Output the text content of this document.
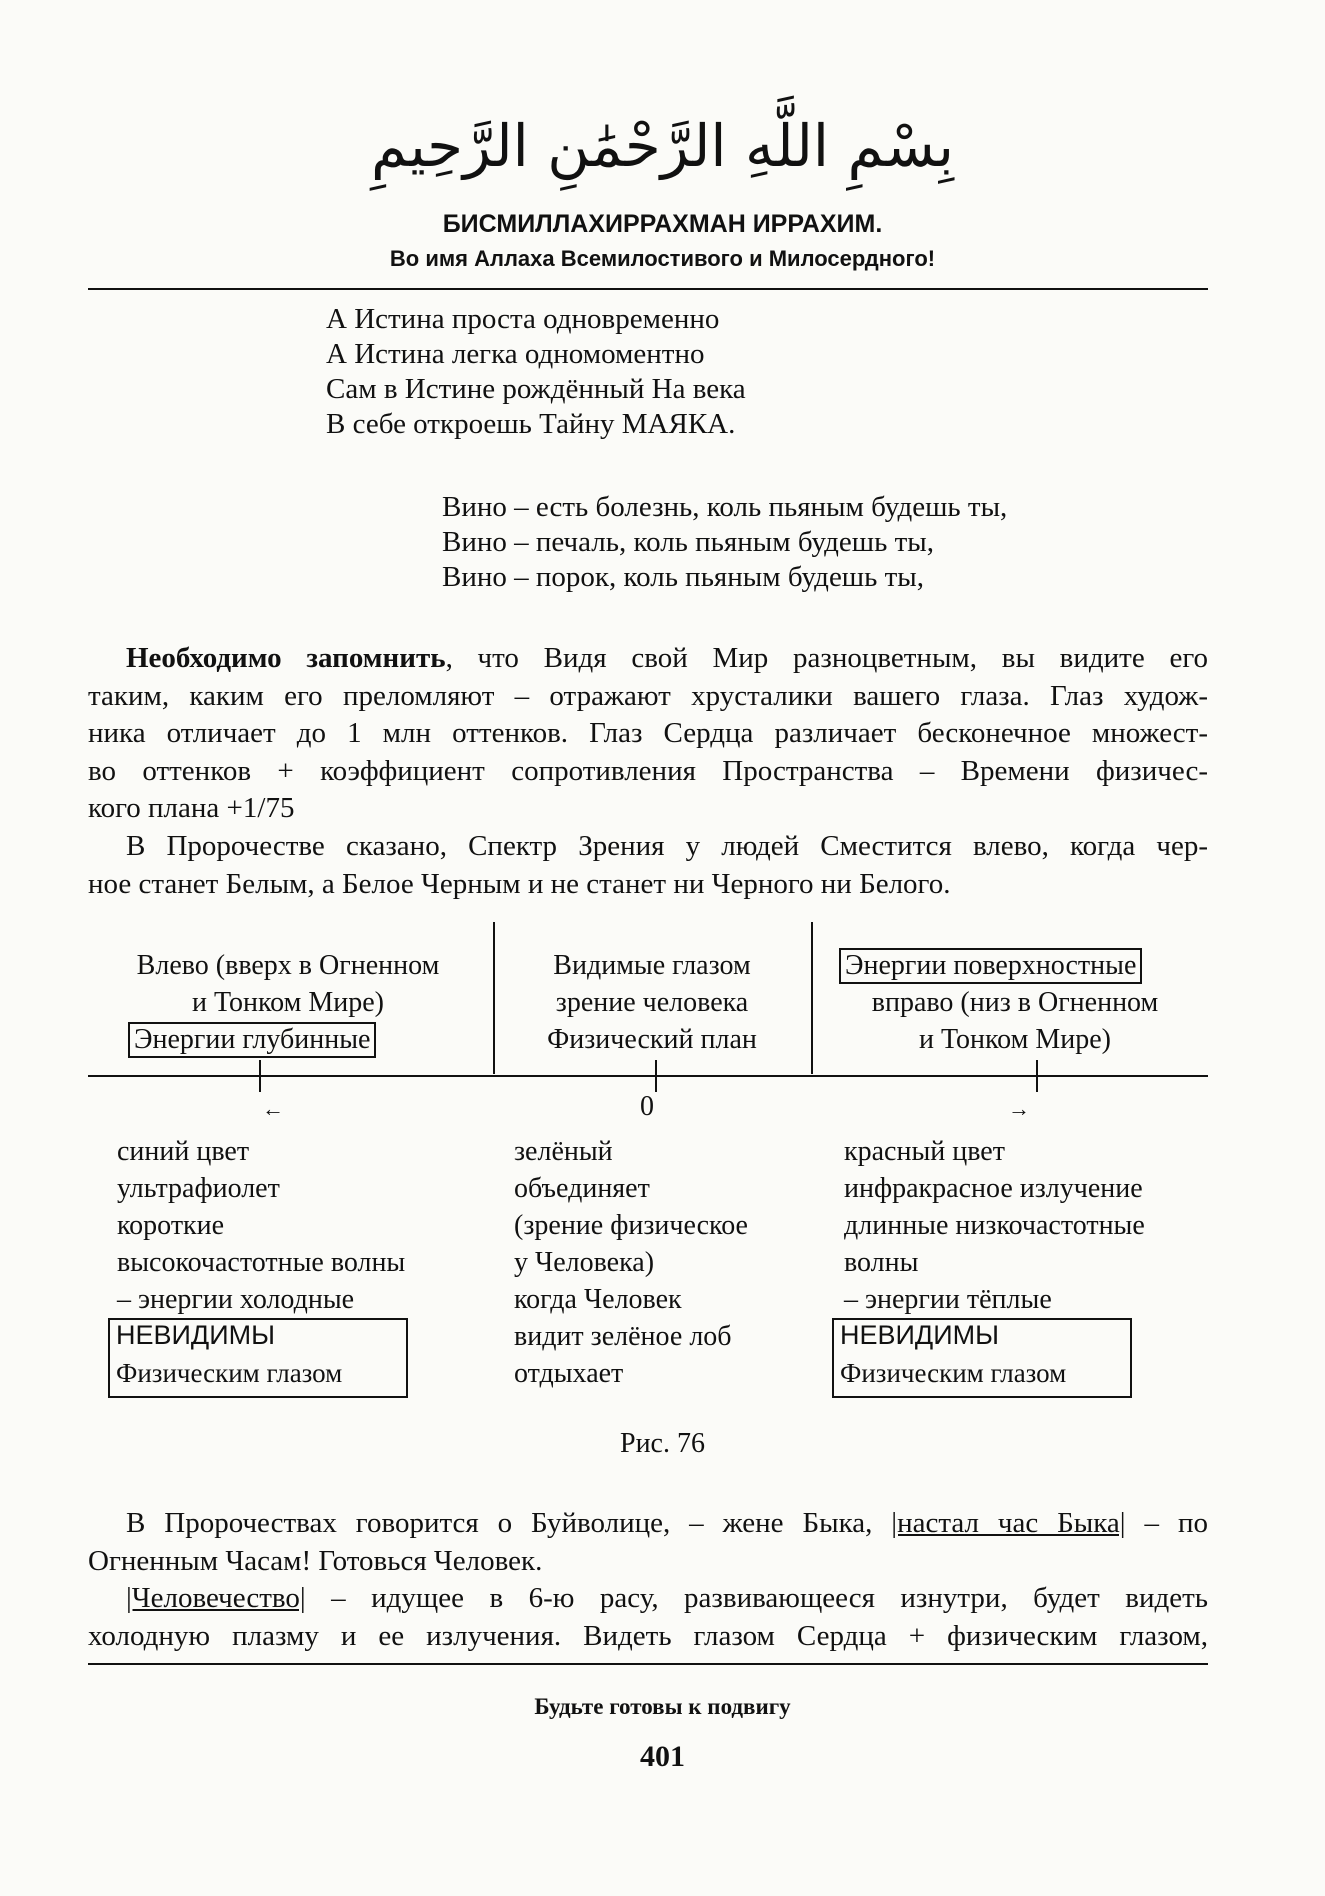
بِسْمِ اللَّهِ الرَّحْمَٰنِ الرَّحِيمِ
БИСМИЛЛАХИРРАХМАН ИРРАХИМ.
Во имя Аллаха Всемилостивого и Милосердного!
А Истина проста одновременно
А Истина легка одномоментно
Сам в Истине рождённый На века
В себе откроешь Тайну МАЯКА.
Вино – есть болезнь, коль пьяным будешь ты,
Вино – печаль, коль пьяным будешь ты,
Вино – порок, коль пьяным будешь ты,
Необходимо запомнить, что Видя свой Мир разноцветным, вы видите его
таким, каким его преломляют – отражают хрусталики вашего глаза. Глаз худож-
ника отличает до 1 млн оттенков. Глаз Сердца различает бесконечное множест-
во оттенков + коэффициент сопротивления Пространства – Времени физичес-
кого плана +1/75
В Пророчестве сказано, Спектр Зрения у людей Сместится влево, когда чер-
ное станет Белым, а Белое Черным и не станет ни Черного ни Белого.
←	0	→
Влево (вверх в Огненном
и Тонком Мире)
Энергии глубинные
Видимые глазом
зрение человека
Физический план
Энергии поверхностные
вправо (низ в Огненном
и Тонком Мире)
синий цвет
ультрафиолет
короткие
высокочастотные волны
– энергии холодные
НЕВИДИМЫ
Физическим глазом
зелёный
объединяет
(зрение физическое
у Человека)
когда Человек
видит зелёное лоб
отдыхает
красный цвет
инфракрасное излучение
длинные низкочастотные
волны
– энергии тёплые
НЕВИДИМЫ
Физическим глазом
Рис. 76
В Пророчествах говорится о Буйволице, – жене Быка, |настал час Быка| – по
Огненным Часам! Готовься Человек.
|Человечество| – идущее в 6-ю расу, развивающееся изнутри, будет видеть
холодную плазму и ее излучения. Видеть глазом Сердца + физическим глазом,
Будьте готовы к подвигу
401
